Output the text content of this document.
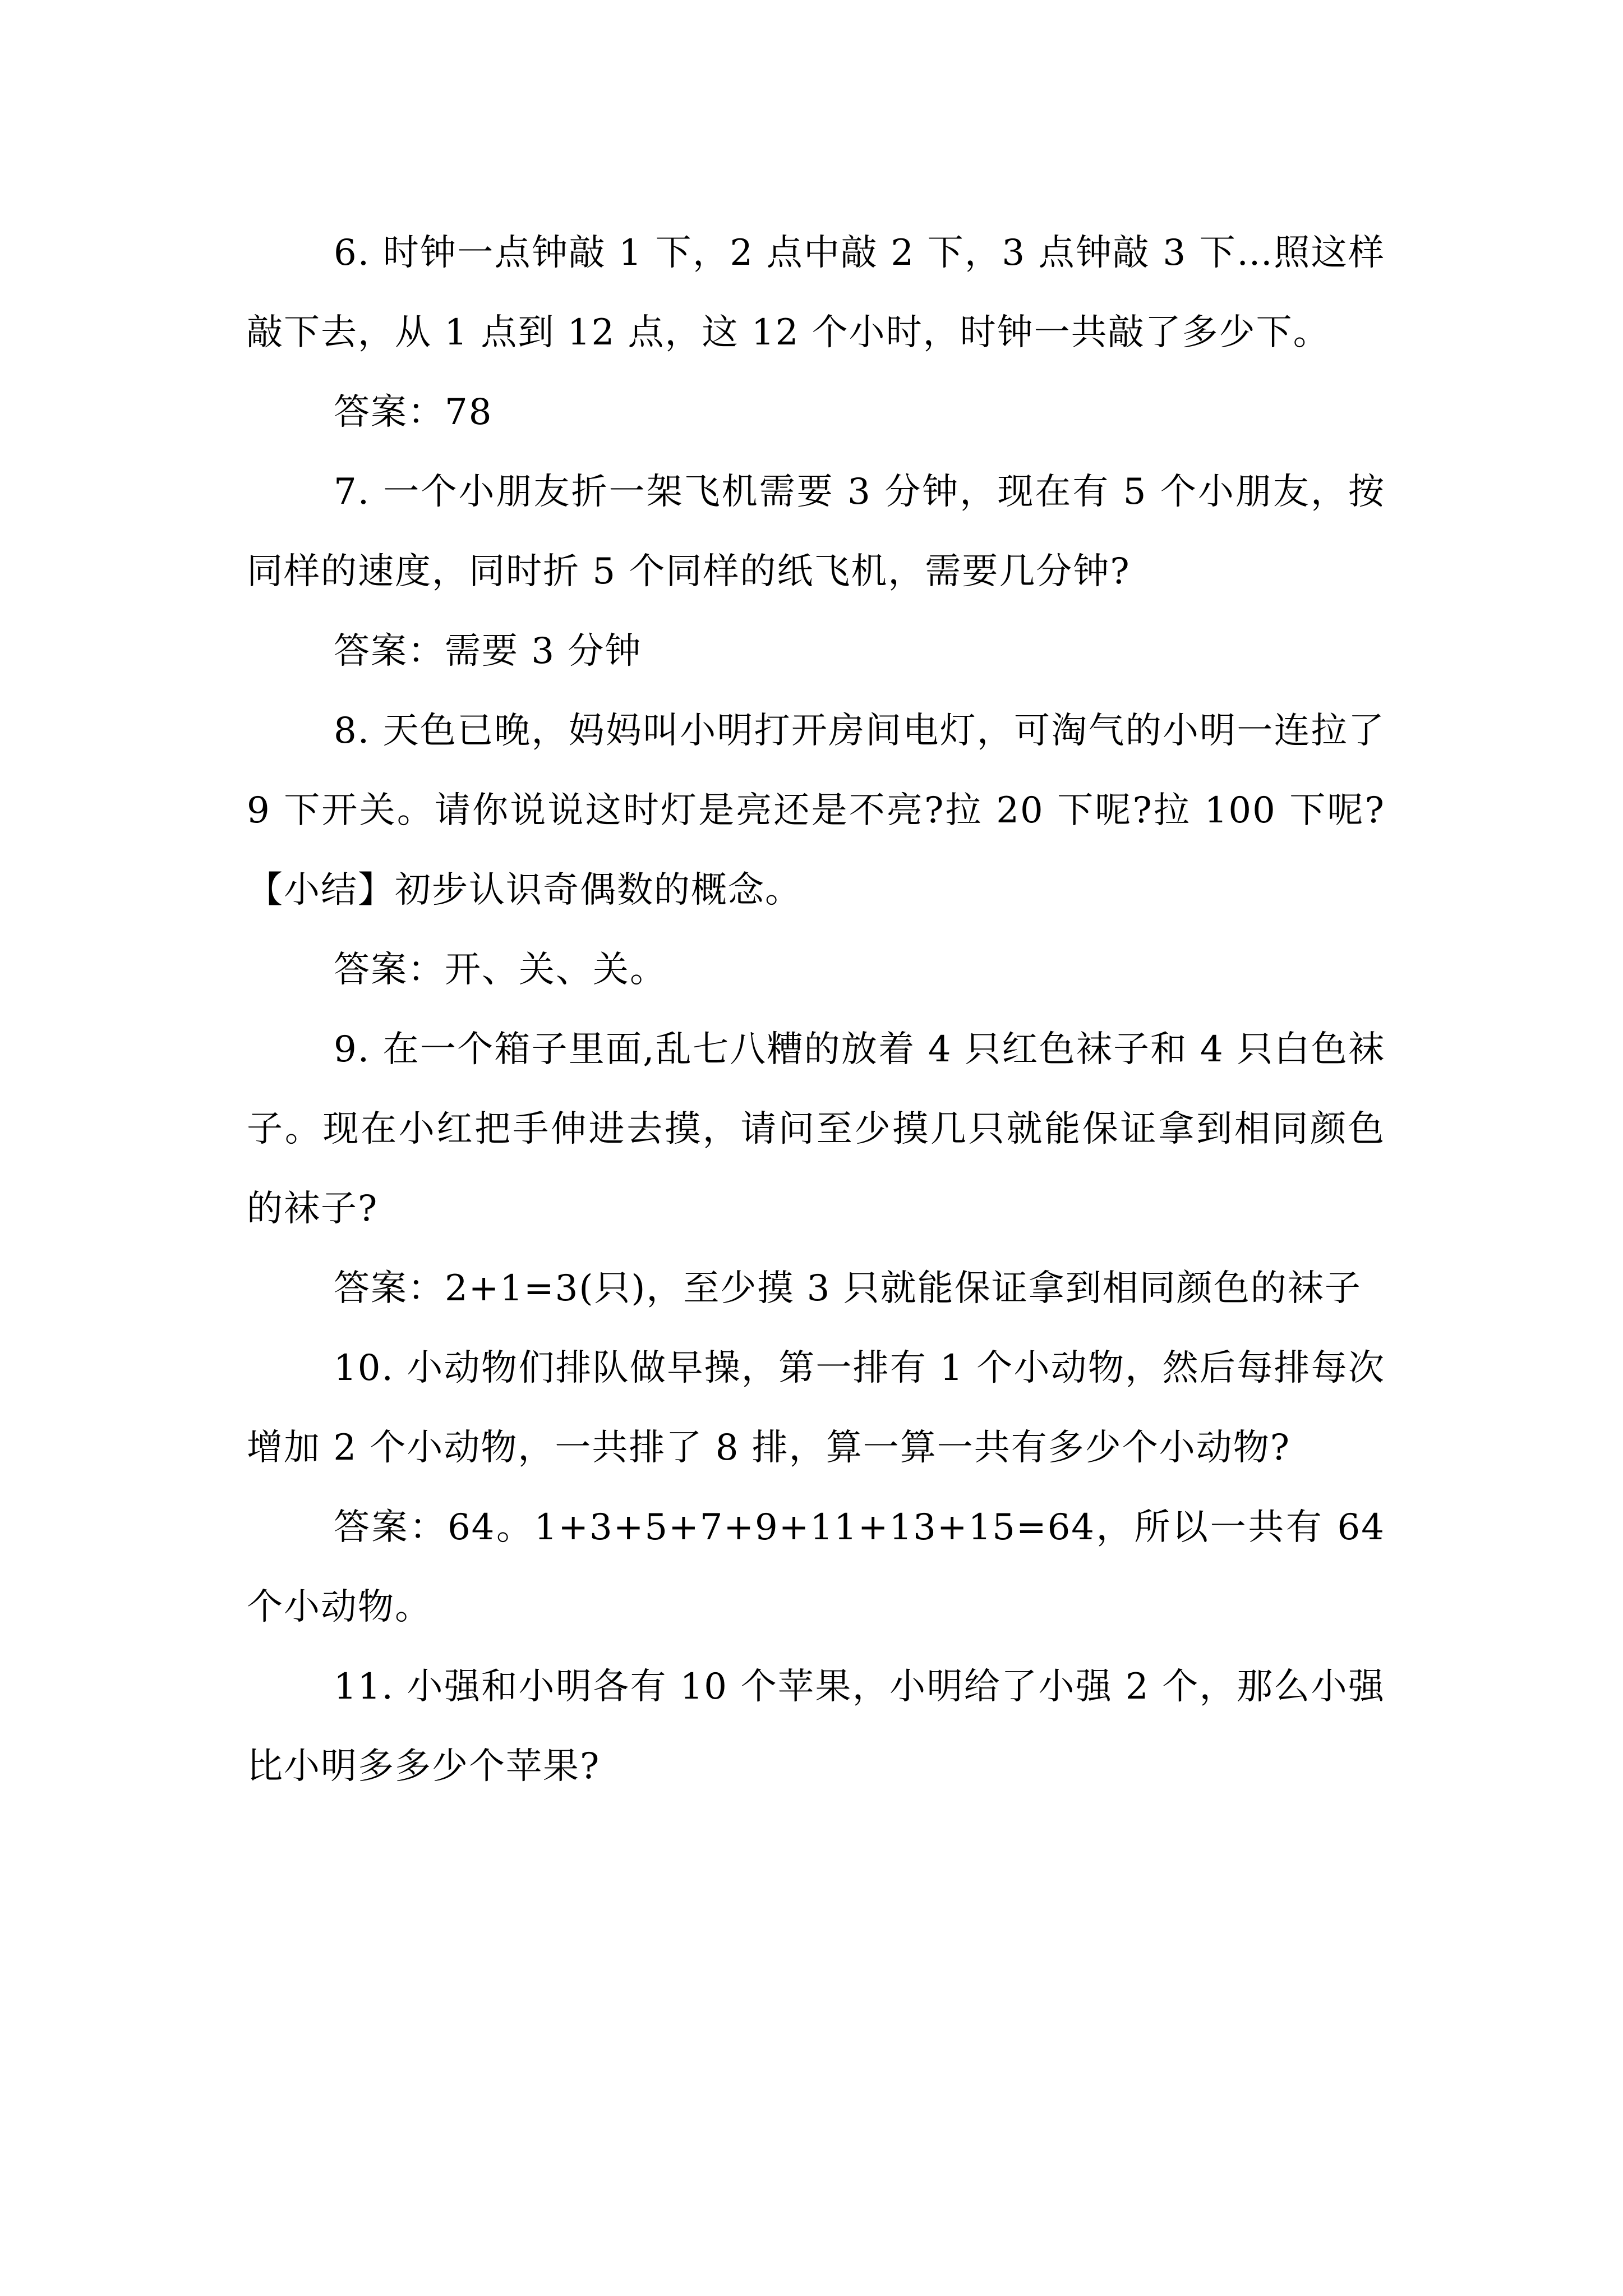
6. 时钟一点钟敲 1 下，2 点中敲 2 下，3 点钟敲 3 下…照这样敲下去，从 1 点到 12 点，这 12 个小时，时钟一共敲了多少下。

答案：78

7. 一个小朋友折一架飞机需要 3 分钟，现在有 5 个小朋友，按同样的速度，同时折 5 个同样的纸飞机，需要几分钟?

答案：需要 3 分钟

8. 天色已晚，妈妈叫小明打开房间电灯，可淘气的小明一连拉了 9 下开关。请你说说这时灯是亮还是不亮?拉 20 下呢?拉 100 下呢? 【小结】初步认识奇偶数的概念。

答案：开、关、关。

9. 在一个箱子里面,乱七八糟的放着 4 只红色袜子和 4 只白色袜子。现在小红把手伸进去摸，请问至少摸几只就能保证拿到相同颜色的袜子?

答案：2+1=3(只)，至少摸 3 只就能保证拿到相同颜色的袜子

10. 小动物们排队做早操，第一排有 1 个小动物，然后每排每次增加 2 个小动物，一共排了 8 排，算一算一共有多少个小动物?

答案：64。1+3+5+7+9+11+13+15=64，所以一共有 64 个小动物。

11. 小强和小明各有 10 个苹果，小明给了小强 2 个，那么小强比小明多多少个苹果?
